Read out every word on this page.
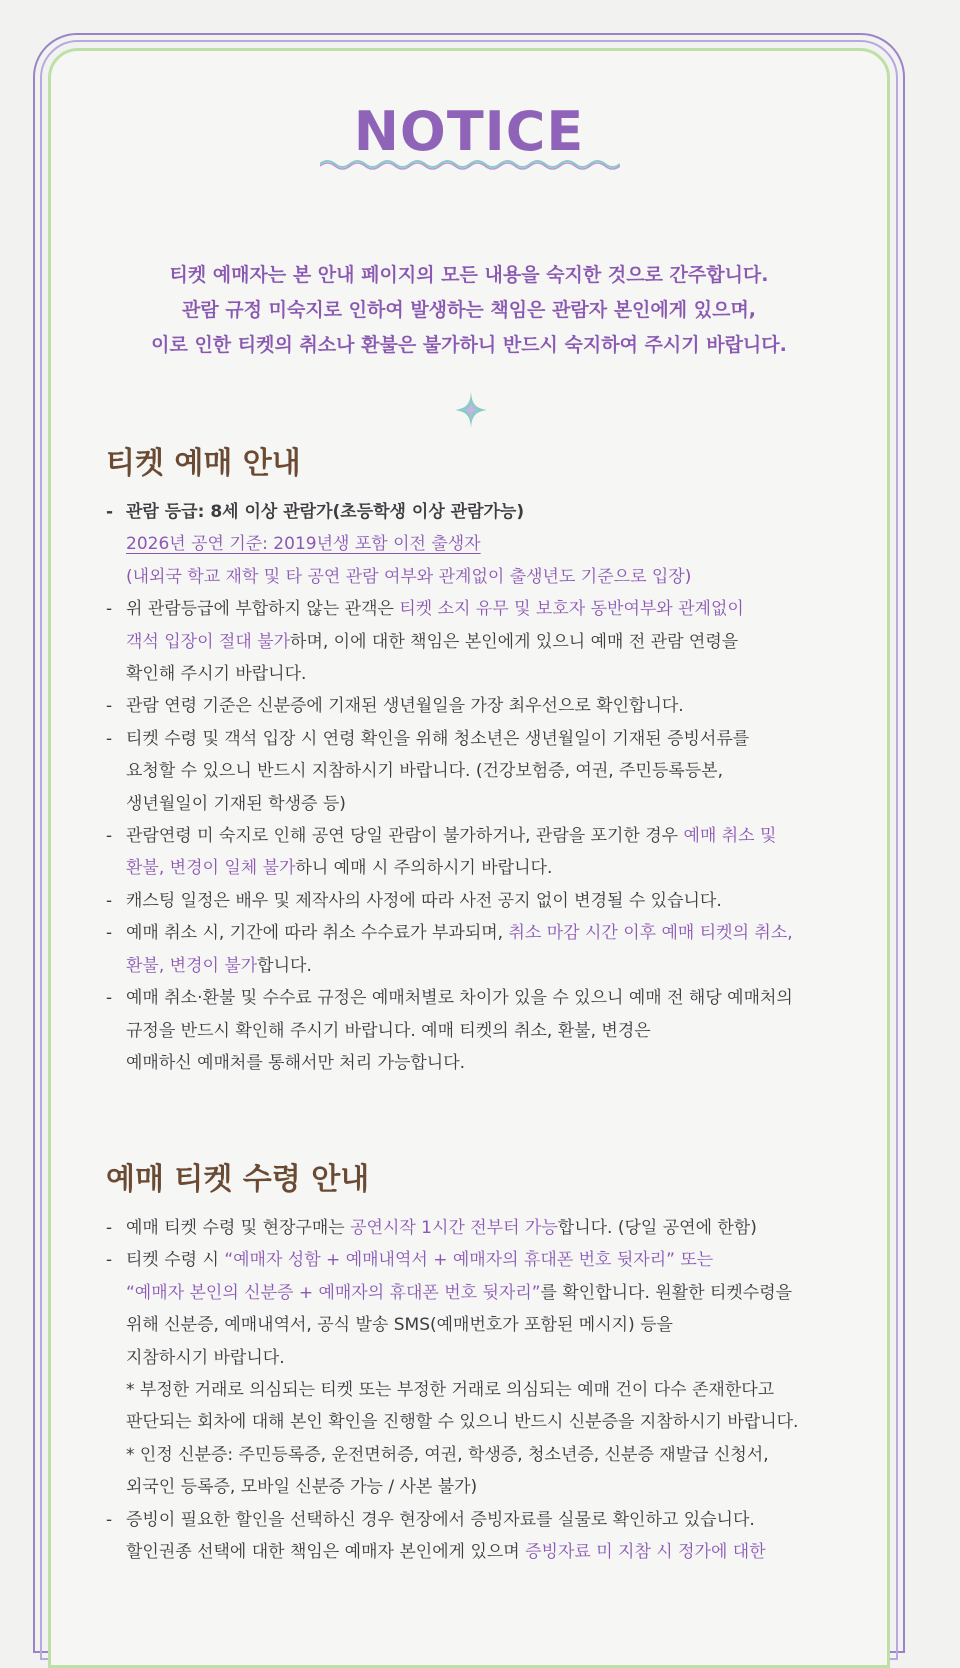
NOTICE

티켓 예매자는 본 안내 페이지의 모든 내용을 숙지한 것으로 간주합니다.

관람 규정 미숙지로 인하여 발생하는 책임은 관람자 본인에게 있으며,

이로 인한 티켓의 취소나 환불은 불가하니 반드시 숙지하여 주시기 바랍니다.

티켓 예매 안내
- 관람 등급: 8세 이상 관람가(초등학생 이상 관람가능)
2026년 공연 기준: 2019년생 포함 이전 출생자
(내외국 학교 재학 및 타 공연 관람 여부와 관계없이 출생년도 기준으로 입장)
- 위 관람등급에 부합하지 않는 관객은 티켓 소지 유무 및 보호자 동반여부와 관계없이
객석 입장이 절대 불가하며, 이에 대한 책임은 본인에게 있으니 예매 전 관람 연령을
확인해 주시기 바랍니다.
- 관람 연령 기준은 신분증에 기재된 생년월일을 가장 최우선으로 확인합니다.
- 티켓 수령 및 객석 입장 시 연령 확인을 위해 청소년은 생년월일이 기재된 증빙서류를
요청할 수 있으니 반드시 지참하시기 바랍니다. (건강보험증, 여권, 주민등록등본,
생년월일이 기재된 학생증 등)
- 관람연령 미 숙지로 인해 공연 당일 관람이 불가하거나, 관람을 포기한 경우 예매 취소 및
환불, 변경이 일체 불가하니 예매 시 주의하시기 바랍니다.
- 캐스팅 일정은 배우 및 제작사의 사정에 따라 사전 공지 없이 변경될 수 있습니다.
- 예매 취소 시, 기간에 따라 취소 수수료가 부과되며, 취소 마감 시간 이후 예매 티켓의 취소,
환불, 변경이 불가합니다.
- 예매 취소·환불 및 수수료 규정은 예매처별로 차이가 있을 수 있으니 예매 전 해당 예매처의
규정을 반드시 확인해 주시기 바랍니다. 예매 티켓의 취소, 환불, 변경은
예매하신 예매처를 통해서만 처리 가능합니다.
예매 티켓 수령 안내
- 예매 티켓 수령 및 현장구매는 공연시작 1시간 전부터 가능합니다. (당일 공연에 한함)
- 티켓 수령 시 “예매자 성함 + 예매내역서 + 예매자의 휴대폰 번호 뒷자리” 또는
“예매자 본인의 신분증 + 예매자의 휴대폰 번호 뒷자리”를 확인합니다. 원활한 티켓수령을
위해 신분증, 예매내역서, 공식 발송 SMS(예매번호가 포함된 메시지) 등을
지참하시기 바랍니다.
* 부정한 거래로 의심되는 티켓 또는 부정한 거래로 의심되는 예매 건이 다수 존재한다고
판단되는 회차에 대해 본인 확인을 진행할 수 있으니 반드시 신분증을 지참하시기 바랍니다.
* 인정 신분증: 주민등록증, 운전면허증, 여권, 학생증, 청소년증, 신분증 재발급 신청서,
외국인 등록증, 모바일 신분증 가능 / 사본 불가)
- 증빙이 필요한 할인을 선택하신 경우 현장에서 증빙자료를 실물로 확인하고 있습니다.
할인권종 선택에 대한 책임은 예매자 본인에게 있으며 증빙자료 미 지참 시 정가에 대한
